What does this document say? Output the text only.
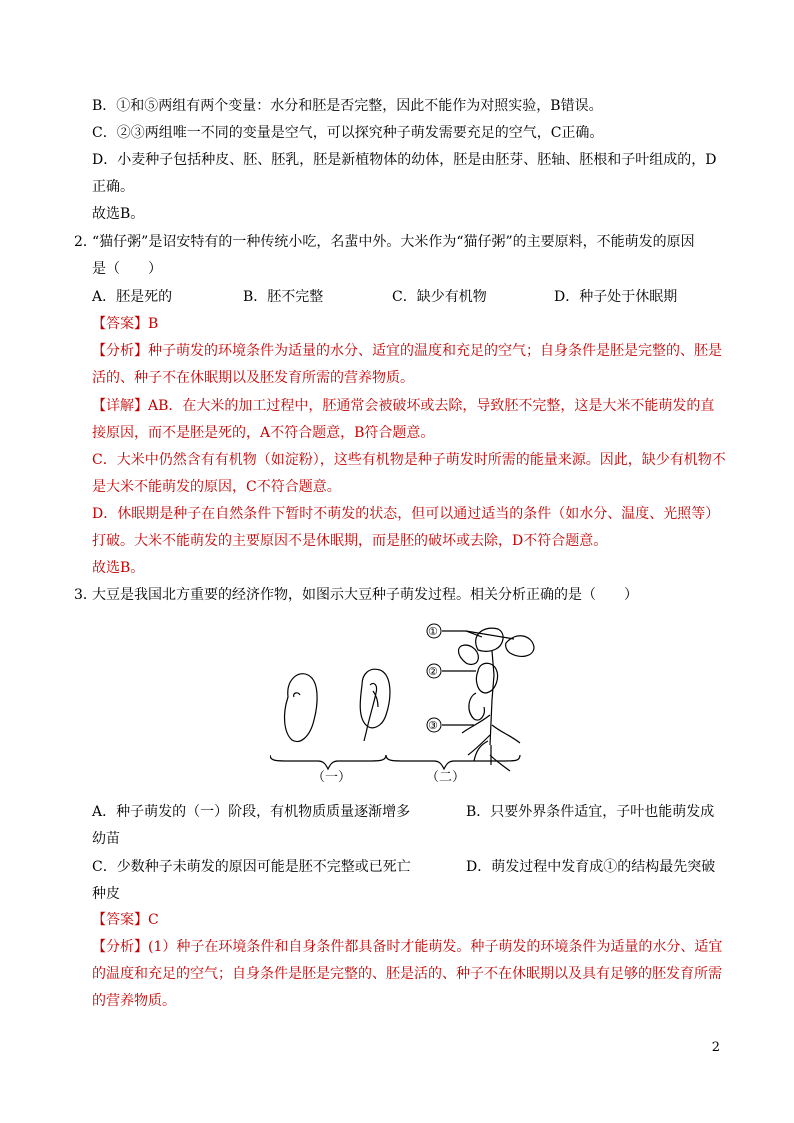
B．①和⑤两组有两个变量：水分和胚是否完整，因此不能作为对照实验，B错误。
C．②③两组唯一不同的变量是空气，可以探究种子萌发需要充足的空气，C正确。
D．小麦种子包括种皮、胚、胚乳，胚是新植物体的幼体，胚是由胚芽、胚轴、胚根和子叶组成的，D
正确。
故选B。
2．
“猫仔粥”是诏安特有的一种传统小吃，名蜚中外。大米作为“猫仔粥”的主要原料，不能萌发的原因
是（　　）
A．胚是死的	B．胚不完整	C．缺少有机物	D．种子处于休眠期
【答案】B
【分析】种子萌发的环境条件为适量的水分、适宜的温度和充足的空气；自身条件是胚是完整的、胚是
活的、种子不在休眠期以及胚发育所需的营养物质。
【详解】AB．在大米的加工过程中，胚通常会被破坏或去除，导致胚不完整，这是大米不能萌发的直
接原因，而不是胚是死的，A不符合题意，B符合题意。
C．大米中仍然含有有机物（如淀粉），这些有机物是种子萌发时所需的能量来源。因此，缺少有机物不
是大米不能萌发的原因，C不符合题意。
D．休眠期是种子在自然条件下暂时不萌发的状态，但可以通过适当的条件（如水分、温度、光照等）
打破。大米不能萌发的主要原因不是休眠期，而是胚的破坏或去除，D不符合题意。
故选B。
3．
大豆是我国北方重要的经济作物，如图示大豆种子萌发过程。相关分析正确的是（　　）
①
②
③
（一）	（二）
A．种子萌发的（一）阶段，有机物质质量逐渐增多	B．只要外界条件适宜，子叶也能萌发成
幼苗
C．少数种子未萌发的原因可能是胚不完整或已死亡	D．萌发过程中发育成①的结构最先突破
种皮
【答案】C
【分析】(1）种子在环境条件和自身条件都具备时才能萌发。种子萌发的环境条件为适量的水分、适宜
的温度和充足的空气；自身条件是胚是完整的、胚是活的、种子不在休眠期以及具有足够的胚发育所需
的营养物质。
2
